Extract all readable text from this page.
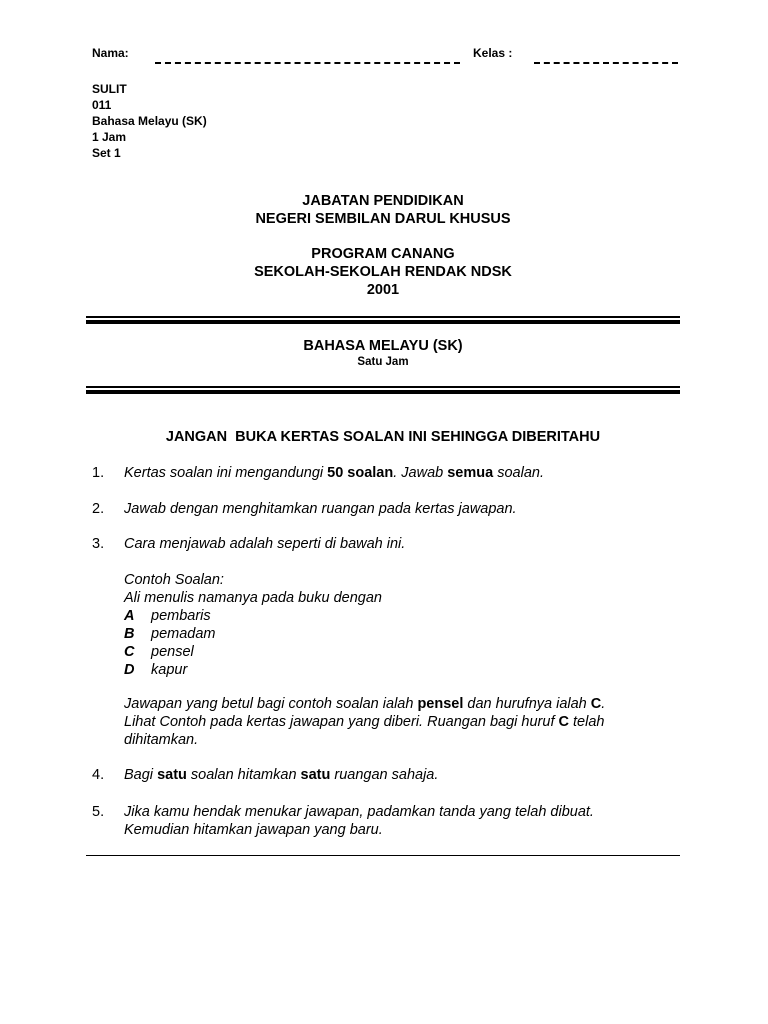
Nama:	Kelas :
SULIT
011
Bahasa Melayu (SK)
1 Jam
Set 1
JABATAN PENDIDIKAN
NEGERI SEMBILAN DARUL KHUSUS
PROGRAM CANANG
SEKOLAH-SEKOLAH RENDAK NDSK
2001
BAHASA MELAYU (SK)
Satu Jam
JANGAN  BUKA KERTAS SOALAN INI SEHINGGA DIBERITAHU
1. Kertas soalan ini mengandungi 50 soalan. Jawab semua soalan.
2. Jawab dengan menghitamkan ruangan pada kertas jawapan.
3. Cara menjawab adalah seperti di bawah ini.
Contoh Soalan:
Ali menulis namanya pada buku dengan
A pembaris
B pemadam
C pensel
D kapur
Jawapan yang betul bagi contoh soalan ialah pensel dan hurufnya ialah C.
Lihat Contoh pada kertas jawapan yang diberi. Ruangan bagi huruf C telah
dihitamkan.
4. Bagi satu soalan hitamkan satu ruangan sahaja.
5. Jika kamu hendak menukar jawapan, padamkan tanda yang telah dibuat.
Kemudian hitamkan jawapan yang baru.
